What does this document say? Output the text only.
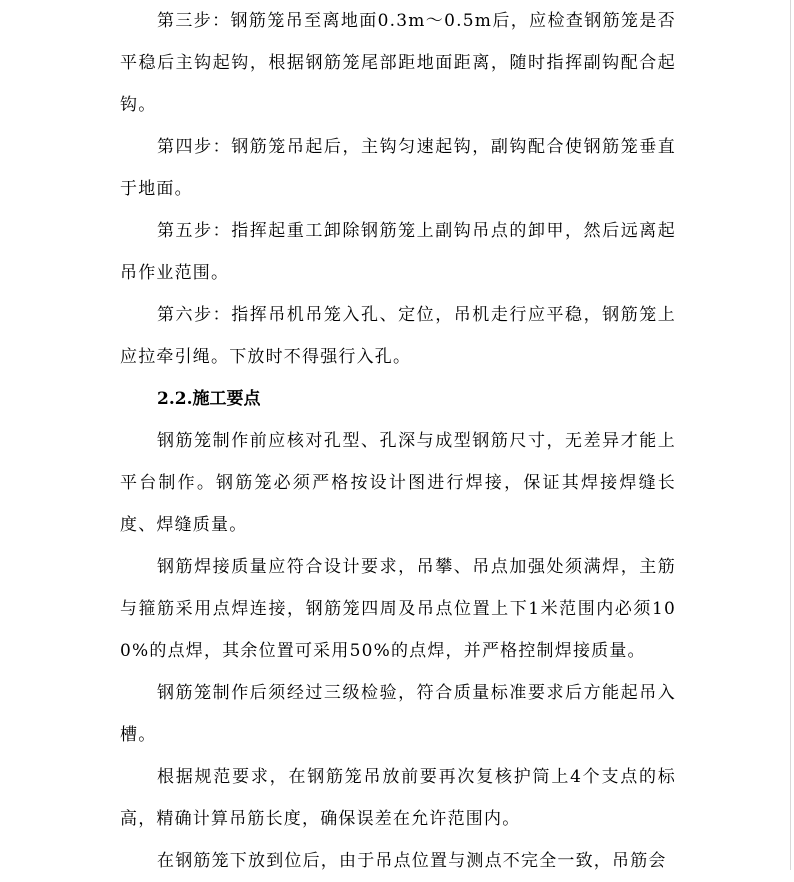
第三步：钢筋笼吊至离地面0.3m～0.5m后，应检查钢筋笼是否平稳后主钩起钩，根据钢筋笼尾部距地面距离，随时指挥副钩配合起钩。

第四步：钢筋笼吊起后，主钩匀速起钩，副钩配合使钢筋笼垂直于地面。

第五步：指挥起重工卸除钢筋笼上副钩吊点的卸甲，然后远离起吊作业范围。

第六步：指挥吊机吊笼入孔、定位，吊机走行应平稳，钢筋笼上应拉牵引绳。下放时不得强行入孔。

2.2.施工要点

钢筋笼制作前应核对孔型、孔深与成型钢筋尺寸，无差异才能上平台制作。钢筋笼必须严格按设计图进行焊接，保证其焊接焊缝长度、焊缝质量。

钢筋焊接质量应符合设计要求，吊攀、吊点加强处须满焊，主筋与箍筋采用点焊连接，钢筋笼四周及吊点位置上下1米范围内必须100%的点焊，其余位置可采用50%的点焊，并严格控制焊接质量。

钢筋笼制作后须经过三级检验，符合质量标准要求后方能起吊入槽。

根据规范要求，在钢筋笼吊放前要再次复核护筒上4个支点的标高，精确计算吊筋长度，确保误差在允许范围内。

在钢筋笼下放到位后，由于吊点位置与测点不完全一致，吊筋会
